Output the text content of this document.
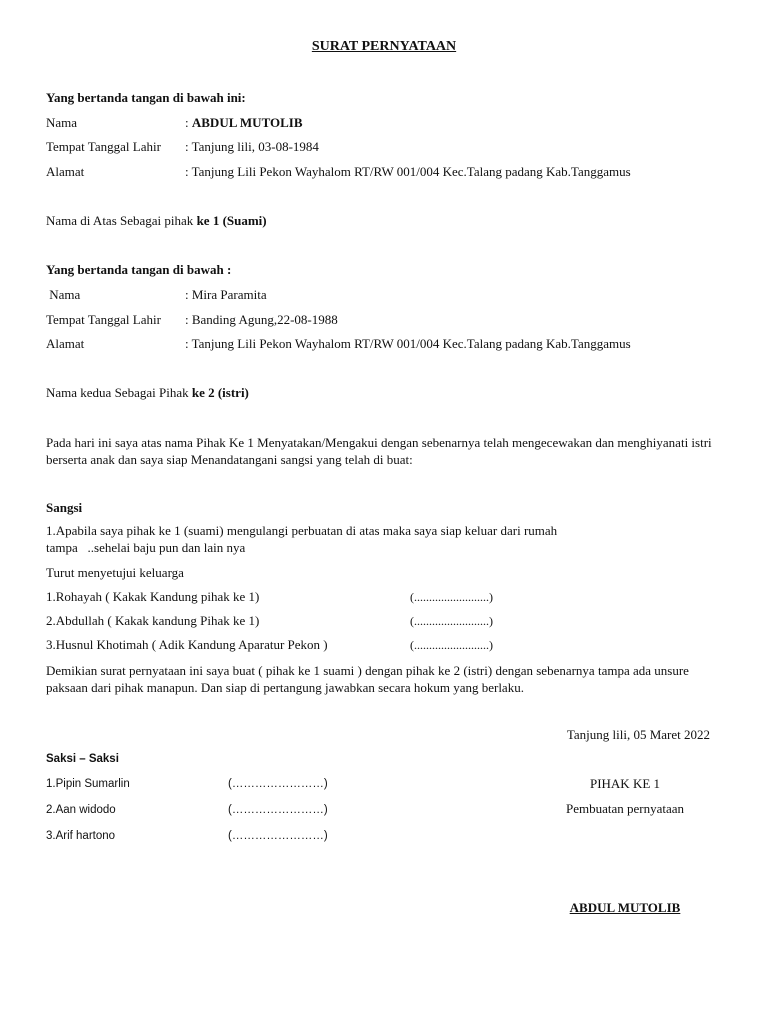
SURAT PERNYATAAN
Yang bertanda tangan di bawah ini:
Nama	: ABDUL MUTOLIB
Tempat Tanggal Lahir : Tanjung lili, 03-08-1984
Alamat	: Tanjung Lili Pekon Wayhalom RT/RW 001/004 Kec.Talang padang Kab.Tanggamus
Nama di Atas Sebagai pihak ke 1 (Suami)
Yang bertanda tangan di bawah :
Nama	: Mira Paramita
Tempat Tanggal Lahir : Banding Agung,22-08-1988
Alamat	: Tanjung Lili Pekon Wayhalom RT/RW 001/004 Kec.Talang padang Kab.Tanggamus
Nama kedua Sebagai Pihak ke 2 (istri)
Pada hari ini saya atas nama Pihak Ke 1 Menyatakan/Mengakui dengan sebenarnya telah mengecewakan dan menghiyanati istri berserta anak dan saya siap Menandatangani sangsi yang telah di buat:
Sangsi
1.Apabila saya pihak ke 1 (suami) mengulangi perbuatan di atas maka saya siap keluar dari rumah
tampa   ..sehelai baju pun dan lain nya
Turut menyetujui keluarga
1.Rohayah ( Kakak Kandung pihak ke 1)	(.........................)
2.Abdullah ( Kakak kandung Pihak ke 1)	(.........................)
3.Husnul Khotimah ( Adik Kandung Aparatur Pekon )	(.........................)
Demikian surat pernyataan ini saya buat ( pihak ke 1 suami ) dengan pihak ke 2 (istri) dengan sebenarnya tampa ada unsure paksaan dari pihak manapun. Dan siap di pertangung jawabkan secara hokum yang berlaku.
Tanjung lili, 05 Maret 2022
Saksi – Saksi
1.Pipin Sumarlin	(……………………)
2.Aan widodo	(……………………)
3.Arif hartono	(……………………)
PIHAK KE 1
Pembuatan pernyataan
ABDUL MUTOLIB
